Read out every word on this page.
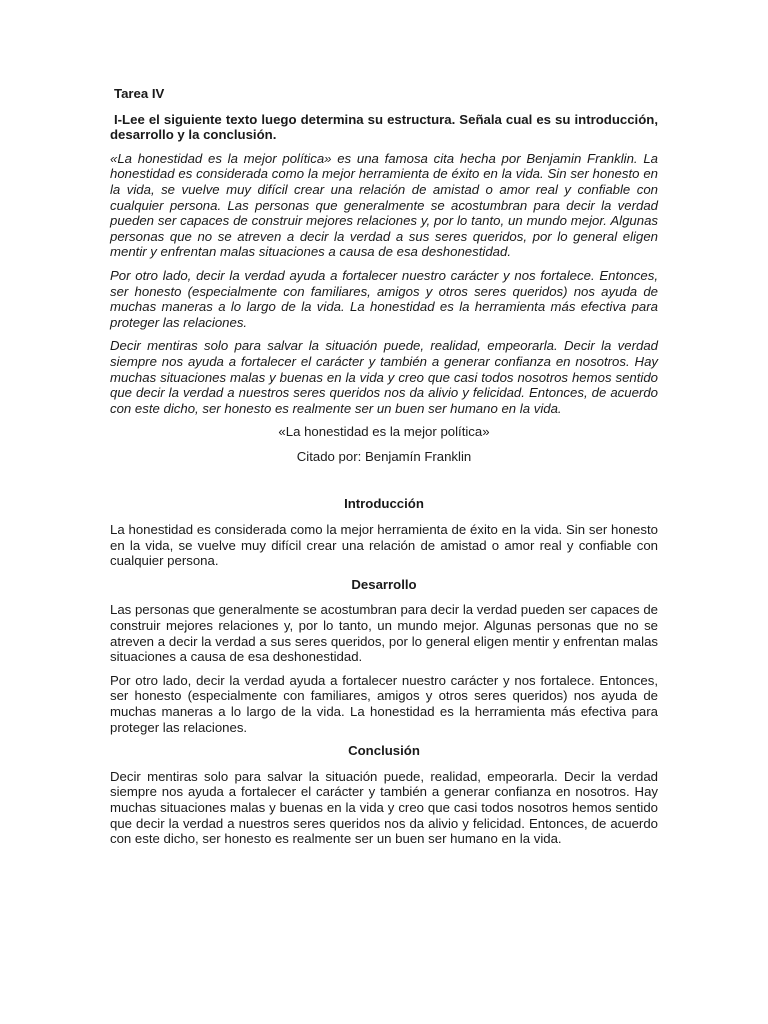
Tarea IV

I-Lee el siguiente texto luego determina su estructura. Señala cual es su introducción, desarrollo y la conclusión.

«La honestidad es la mejor política» es una famosa cita hecha por Benjamin Franklin. La honestidad es considerada como la mejor herramienta de éxito en la vida. Sin ser honesto en la vida, se vuelve muy difícil crear una relación de amistad o amor real y confiable con cualquier persona. Las personas que generalmente se acostumbran para decir la verdad pueden ser capaces de construir mejores relaciones y, por lo tanto, un mundo mejor. Algunas personas que no se atreven a decir la verdad a sus seres queridos, por lo general eligen mentir y enfrentan malas situaciones a causa de esa deshonestidad.

Por otro lado, decir la verdad ayuda a fortalecer nuestro carácter y nos fortalece. Entonces, ser honesto (especialmente con familiares, amigos y otros seres queridos) nos ayuda de muchas maneras a lo largo de la vida. La honestidad es la herramienta más efectiva para proteger las relaciones.

Decir mentiras solo para salvar la situación puede, realidad, empeorarla. Decir la verdad siempre nos ayuda a fortalecer el carácter y también a generar confianza en nosotros. Hay muchas situaciones malas y buenas en la vida y creo que casi todos nosotros hemos sentido que decir la verdad a nuestros seres queridos nos da alivio y felicidad. Entonces, de acuerdo con este dicho, ser honesto es realmente ser un buen ser humano en la vida.

«La honestidad es la mejor política»

Citado por: Benjamín Franklin

Introducción

La honestidad es considerada como la mejor herramienta de éxito en la vida. Sin ser honesto en la vida, se vuelve muy difícil crear una relación de amistad o amor real y confiable con cualquier persona.

Desarrollo

Las personas que generalmente se acostumbran para decir la verdad pueden ser capaces de construir mejores relaciones y, por lo tanto, un mundo mejor. Algunas personas que no se atreven a decir la verdad a sus seres queridos, por lo general eligen mentir y enfrentan malas situaciones a causa de esa deshonestidad.

Por otro lado, decir la verdad ayuda a fortalecer nuestro carácter y nos fortalece. Entonces, ser honesto (especialmente con familiares, amigos y otros seres queridos) nos ayuda de muchas maneras a lo largo de la vida. La honestidad es la herramienta más efectiva para proteger las relaciones.

Conclusión

Decir mentiras solo para salvar la situación puede, realidad, empeorarla. Decir la verdad siempre nos ayuda a fortalecer el carácter y también a generar confianza en nosotros. Hay muchas situaciones malas y buenas en la vida y creo que casi todos nosotros hemos sentido que decir la verdad a nuestros seres queridos nos da alivio y felicidad. Entonces, de acuerdo con este dicho, ser honesto es realmente ser un buen ser humano en la vida.
